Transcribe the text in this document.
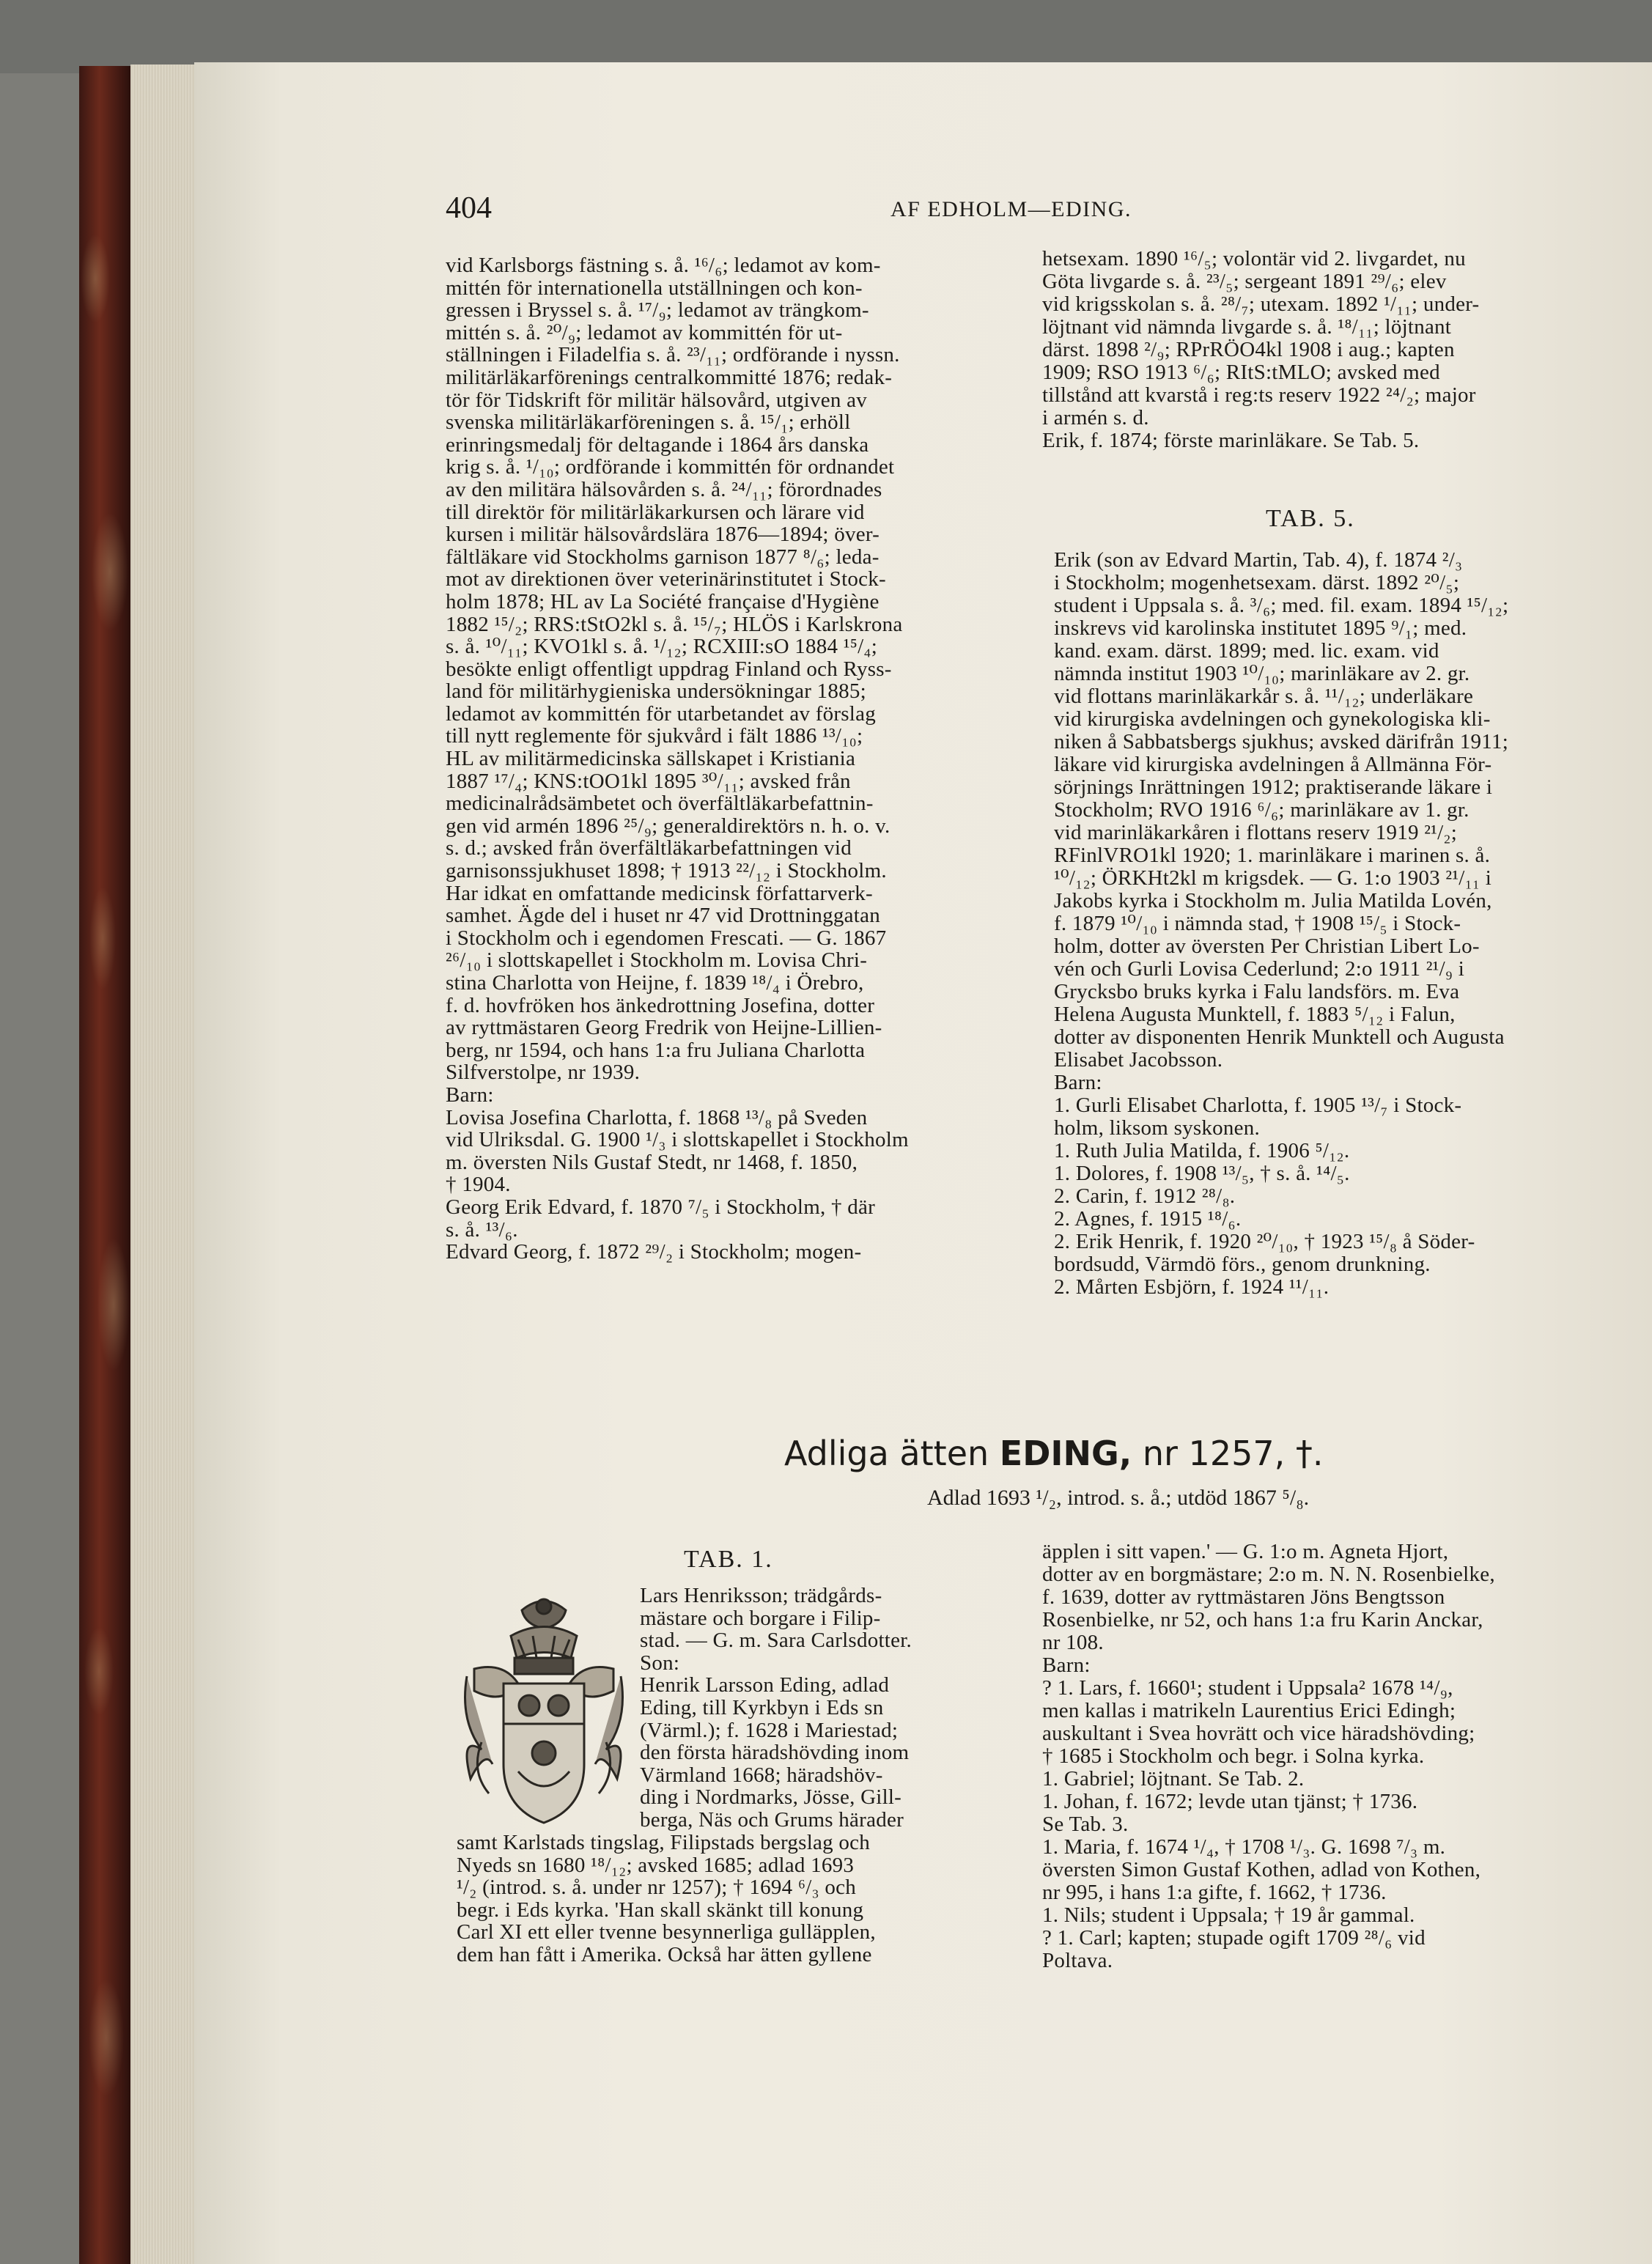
404	AF EDHOLM—EDING.
vid Karlsborgs fästning s. å. ¹⁶/₆; ledamot av kom-
mittén för internationella utställningen och kon-
gressen i Bryssel s. å. ¹⁷/₉; ledamot av trängkom-
mittén s. å. ²⁰/₉; ledamot av kommittén för ut-
ställningen i Filadelfia s. å. ²³/₁₁; ordförande i nyssn.
militärläkarförenings centralkommitté 1876; redak-
tör för Tidskrift för militär hälsovård, utgiven av
svenska militärläkarföreningen s. å. ¹⁵/₁; erhöll
erinringsmedalj för deltagande i 1864 års danska
krig s. å. ¹/₁₀; ordförande i kommittén för ordnandet
av den militära hälsovården s. å. ²⁴/₁₁; förordnades
till direktör för militärläkarkursen och lärare vid
kursen i militär hälsovårdslära 1876—1894; över-
fältläkare vid Stockholms garnison 1877 ⁸/₆; leda-
mot av direktionen över veterinärinstitutet i Stock-
holm 1878; HL av La Société française d'Hygiène
1882 ¹⁵/₂; RRS:tStO2kl s. å. ¹⁵/₇; HLÖS i Karlskrona
s. å. ¹⁰/₁₁; KVO1kl s. å. ¹/₁₂; RCXIII:sO 1884 ¹⁵/₄;
besökte enligt offentligt uppdrag Finland och Ryss-
land för militärhygieniska undersökningar 1885;
ledamot av kommittén för utarbetandet av förslag
till nytt reglemente för sjukvård i fält 1886 ¹³/₁₀;
HL av militärmedicinska sällskapet i Kristiania
1887 ¹⁷/₄; KNS:tOO1kl 1895 ³⁰/₁₁; avsked från
medicinalrådsämbetet och överfältläkarbefattnin-
gen vid armén 1896 ²⁵/₉; generaldirektörs n. h. o. v.
s. d.; avsked från överfältläkarbefattningen vid
garnisonssjukhuset 1898; † 1913 ²²/₁₂ i Stockholm.
Har idkat en omfattande medicinsk författarverk-
samhet. Ägde del i huset nr 47 vid Drottninggatan
i Stockholm och i egendomen Frescati. — G. 1867
²⁶/₁₀ i slottskapellet i Stockholm m. Lovisa Chri-
stina Charlotta von Heijne, f. 1839 ¹⁸/₄ i Örebro,
f. d. hovfröken hos änkedrottning Josefina, dotter
av ryttmästaren Georg Fredrik von Heijne-Lillien-
berg, nr 1594, och hans 1:a fru Juliana Charlotta
Silfverstolpe, nr 1939.
Barn:
Lovisa Josefina Charlotta, f. 1868 ¹³/₈ på Sveden
vid Ulriksdal. G. 1900 ¹/₃ i slottskapellet i Stockholm
m. översten Nils Gustaf Stedt, nr 1468, f. 1850,
† 1904.
Georg Erik Edvard, f. 1870 ⁷/₅ i Stockholm, † där
s. å. ¹³/₆.
Edvard Georg, f. 1872 ²⁹/₂ i Stockholm; mogen-
hetsexam. 1890 ¹⁶/₅; volontär vid 2. livgardet, nu
Göta livgarde s. å. ²³/₅; sergeant 1891 ²⁹/₆; elev
vid krigsskolan s. å. ²⁸/₇; utexam. 1892 ¹/₁₁; under-
löjtnant vid nämnda livgarde s. å. ¹⁸/₁₁; löjtnant
därst. 1898 ²/₉; RPrRÖO4kl 1908 i aug.; kapten
1909; RSO 1913 ⁶/₆; RItS:tMLO; avsked med
tillstånd att kvarstå i reg:ts reserv 1922 ²⁴/₂; major
i armén s. d.
Erik, f. 1874; förste marinläkare. Se Tab. 5.
TAB. 5.
Erik (son av Edvard Martin, Tab. 4), f. 1874 ²/₃
i Stockholm; mogenhetsexam. därst. 1892 ²⁰/₅;
student i Uppsala s. å. ³/₆; med. fil. exam. 1894 ¹⁵/₁₂;
inskrevs vid karolinska institutet 1895 ⁹/₁; med.
kand. exam. därst. 1899; med. lic. exam. vid
nämnda institut 1903 ¹⁰/₁₀; marinläkare av 2. gr.
vid flottans marinläkarkår s. å. ¹¹/₁₂; underläkare
vid kirurgiska avdelningen och gynekologiska kli-
niken å Sabbatsbergs sjukhus; avsked därifrån 1911;
läkare vid kirurgiska avdelningen å Allmänna För-
sörjnings Inrättningen 1912; praktiserande läkare i
Stockholm; RVO 1916 ⁶/₆; marinläkare av 1. gr.
vid marinläkarkåren i flottans reserv 1919 ²¹/₂;
RFinlVRO1kl 1920; 1. marinläkare i marinen s. å.
¹⁰/₁₂; ÖRKHt2kl m krigsdek. — G. 1:o 1903 ²¹/₁₁ i
Jakobs kyrka i Stockholm m. Julia Matilda Lovén,
f. 1879 ¹⁰/₁₀ i nämnda stad, † 1908 ¹⁵/₅ i Stock-
holm, dotter av översten Per Christian Libert Lo-
vén och Gurli Lovisa Cederlund; 2:o 1911 ²¹/₉ i
Grycksbo bruks kyrka i Falu landsförs. m. Eva
Helena Augusta Munktell, f. 1883 ⁵/₁₂ i Falun,
dotter av disponenten Henrik Munktell och Augusta
Elisabet Jacobsson.
Barn:
1. Gurli Elisabet Charlotta, f. 1905 ¹³/₇ i Stock-
holm, liksom syskonen.
1. Ruth Julia Matilda, f. 1906 ⁵/₁₂.
1. Dolores, f. 1908 ¹³/₅, † s. å. ¹⁴/₅.
2. Carin, f. 1912 ²⁸/₈.
2. Agnes, f. 1915 ¹⁸/₆.
2. Erik Henrik, f. 1920 ²⁰/₁₀, † 1923 ¹⁵/₈ å Söder-
bordsudd, Värmdö förs., genom drunkning.
2. Mårten Esbjörn, f. 1924 ¹¹/₁₁.
Adliga ätten EDING, nr 1257, †.
Adlad 1693 ¹/₂, introd. s. å.; utdöd 1867 ⁵/₈.
TAB. 1.
Lars Henriksson; trädgårds-
mästare och borgare i Filip-
stad. — G. m. Sara Carlsdotter.
Son:
Henrik Larsson Eding, adlad
Eding, till Kyrkbyn i Eds sn
(Värml.); f. 1628 i Mariestad;
den första häradshövding inom
Värmland 1668; häradshöv-
ding i Nordmarks, Jösse, Gill-
berga, Näs och Grums härader
samt Karlstads tingslag, Filipstads bergslag och
Nyeds sn 1680 ¹⁸/₁₂; avsked 1685; adlad 1693
¹/₂ (introd. s. å. under nr 1257); † 1694 ⁶/₃ och
begr. i Eds kyrka. 'Han skall skänkt till konung
Carl XI ett eller tvenne besynnerliga gulläpplen,
dem han fått i Amerika. Också har ätten gyllene
äpplen i sitt vapen.' — G. 1:o m. Agneta Hjort,
dotter av en borgmästare; 2:o m. N. N. Rosenbielke,
f. 1639, dotter av ryttmästaren Jöns Bengtsson
Rosenbielke, nr 52, och hans 1:a fru Karin Anckar,
nr 108.
Barn:
? 1. Lars, f. 1660¹; student i Uppsala² 1678 ¹⁴/₉,
men kallas i matrikeln Laurentius Erici Edingh;
auskultant i Svea hovrätt och vice häradshövding;
† 1685 i Stockholm och begr. i Solna kyrka.
1. Gabriel; löjtnant. Se Tab. 2.
1. Johan, f. 1672; levde utan tjänst; † 1736.
Se Tab. 3.
1. Maria, f. 1674 ¹/₄, † 1708 ¹/₃. G. 1698 ⁷/₃ m.
översten Simon Gustaf Kothen, adlad von Kothen,
nr 995, i hans 1:a gifte, f. 1662, † 1736.
1. Nils; student i Uppsala; † 19 år gammal.
? 1. Carl; kapten; stupade ogift 1709 ²⁸/₆ vid
Poltava.
